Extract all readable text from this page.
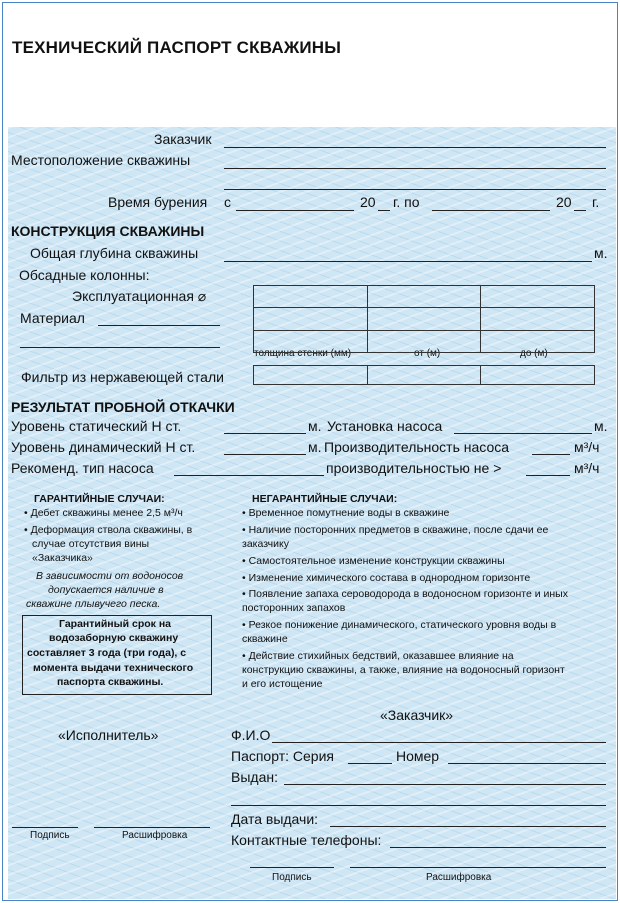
ТЕХНИЧЕСКИЙ ПАСПОРТ СКВАЖИНЫ
Заказчик
Местоположение скважины
Время бурения с	20 г. по	20 г.
КОНСТРУКЦИЯ СКВАЖИНЫ
Общая глубина скважины	м.
Обсадные колонны:
Эксплуатационная ⌀
Материал
толщина стенки (мм)	от (м)	до (м)
Фильтр из нержавеющей стали
РЕЗУЛЬТАТ ПРОБНОЙ ОТКАЧКИ
Уровень статический Н ст.	м. Установка насоса	м.
Уровень динамический Н ст.	м. Производительность насоса	м³/ч
Рекоменд. тип насоса	производительностью не >	м³/ч
ГАРАНТИЙНЫЕ СЛУЧАИ:
• Дебет скважины менее 2,5 м³/ч
• Деформация ствола скважины, в
случае отсутствия вины
«Заказчика»
В зависимости от водоносов
допускается наличие в
скважине плывучего песка.
НЕГАРАНТИЙНЫЕ СЛУЧАИ:
• Временное помутнение воды в скважине
• Наличие посторонних предметов в скважине, после сдачи ее
заказчику
• Самостоятельное изменение конструкции скважины
• Изменение химического состава в однородном горизонте
• Появление запаха сероводорода в водоносном горизонте и иных
посторонних запахов
• Резкое понижение динамического, статического уровня воды в
скважине
• Действие стихийных бедствий, оказавшее влияние на
конструкцию скважины, а также, влияние на водоносный горизонт
и его истощение
«Заказчик»
«Исполнитель»	Ф.И.О
Паспорт: Серия	Номер
Выдан:
Дата выдачи:
Контактные телефоны:
Подпись	Расшифровка
Подпись	Расшифровка

Гарантийный срок на
водозаборную скважину
составляет 3 года (три года), с
момента выдачи технического
паспорта скважины.
